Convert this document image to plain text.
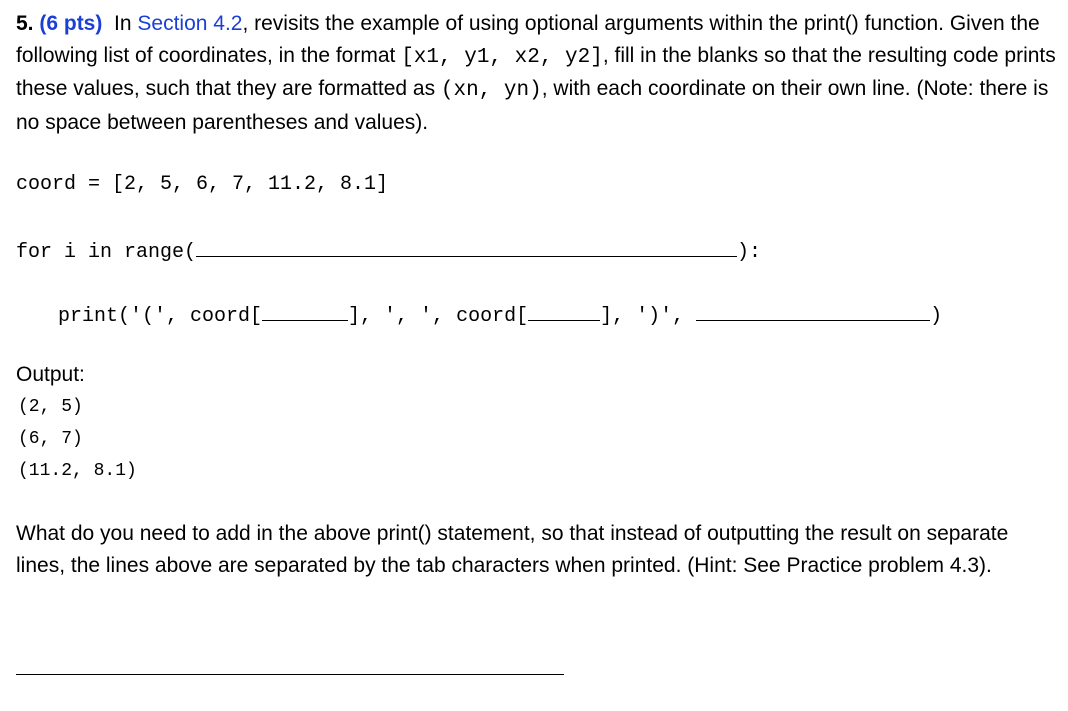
5. (6 pts) In Section 4.2, revisits the example of using optional arguments within the print() function. Given the following list of coordinates, in the format [x1, y1, x2, y2], fill in the blanks so that the resulting code prints these values, such that they are formatted as (xn, yn), with each coordinate on their own line. (Note: there is no space between parentheses and values).
coord = [2, 5, 6, 7, 11.2, 8.1]
for i in range(	):
print('(', coord[	], ', ', coord[	], ')',	)
Output:
(2, 5)
(6, 7)
(11.2, 8.1)
What do you need to add in the above print() statement, so that instead of outputting the result on separate lines, the lines above are separated by the tab characters when printed. (Hint: See Practice problem 4.3).
